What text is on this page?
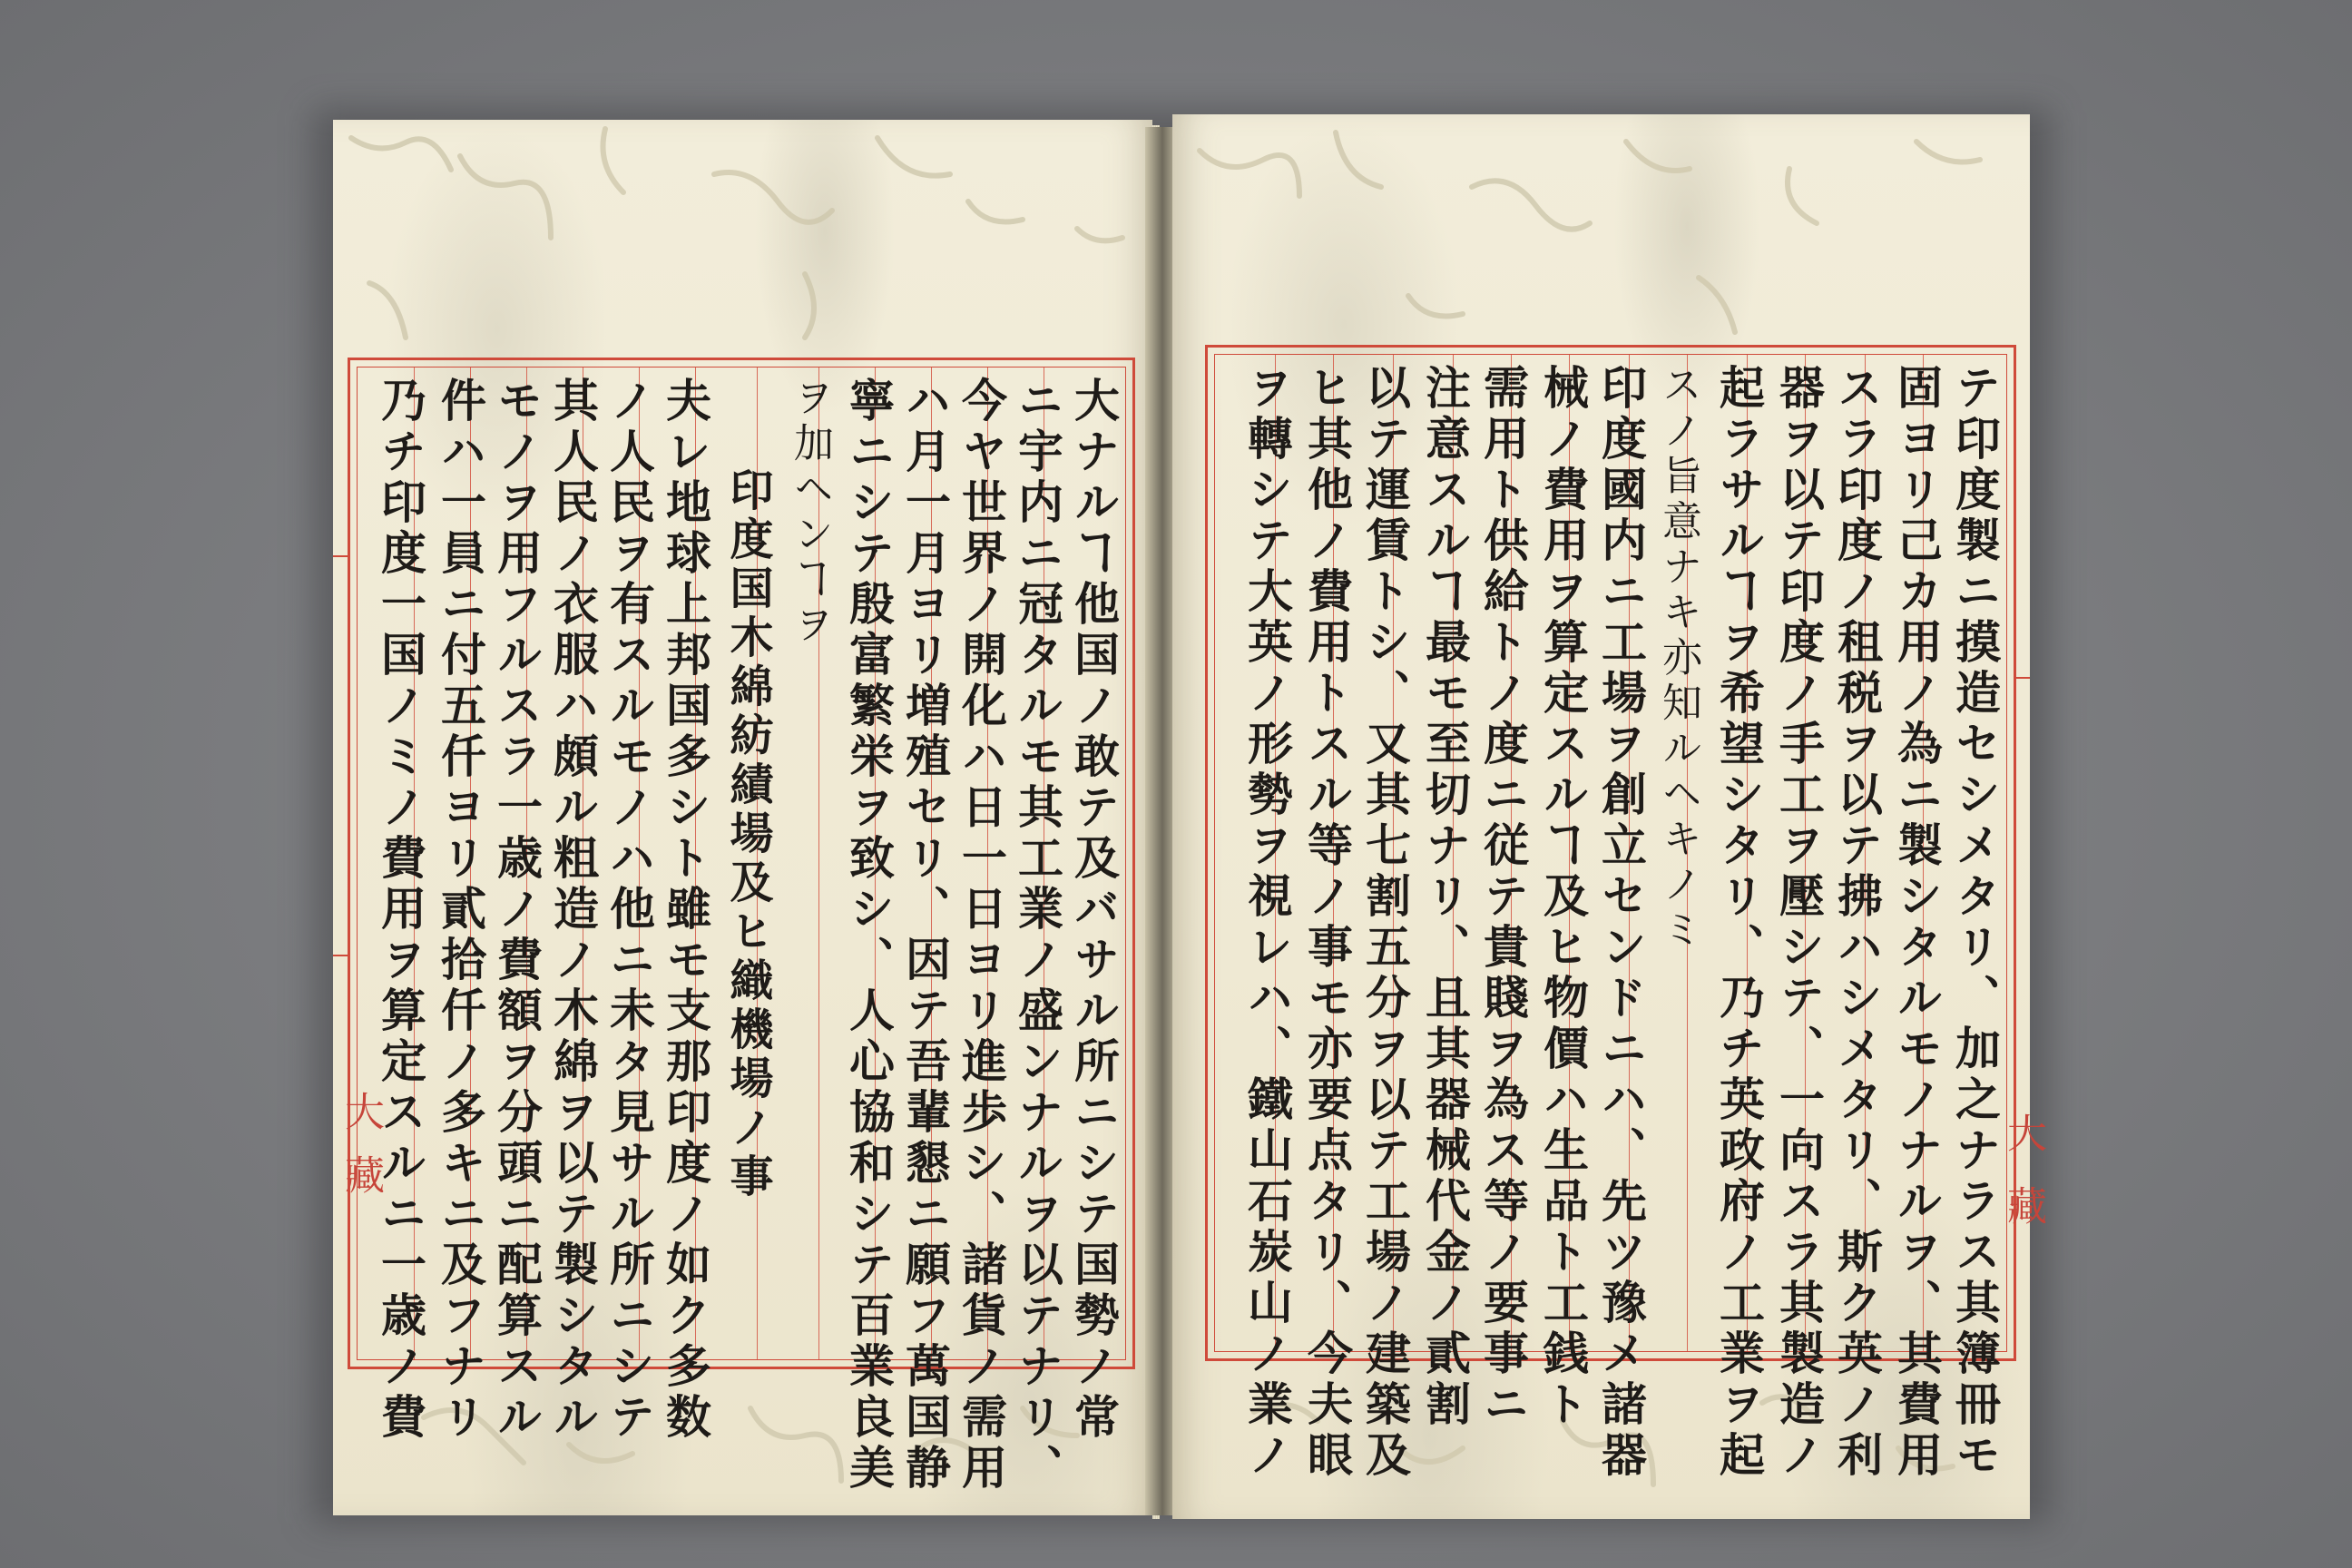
大ナルヿ他国ノ敢テ及バサル所ニシテ国勢ノ常
ニ宇内ニ冠タルモ其工業ノ盛ンナルヲ以テナリ、
今ヤ世界ノ開化ハ日一日ヨリ進歩シ、諸貨ノ需用
ハ月一月ヨリ増殖セリ、因テ吾輩懇ニ願フ萬国静
寧ニシテ殷富繁栄ヲ致シ、人心協和シテ百業良美
ヲ加ヘンヿヲ
印度国木綿紡績場及ヒ織機場ノ事
夫レ地球上邦国多シト雖モ支那印度ノ如ク多数
ノ人民ヲ有スルモノハ他ニ未タ見サル所ニシテ
其人民ノ衣服ハ頗ル粗造ノ木綿ヲ以テ製シタル
モノヲ用フルスラ一歳ノ費額ヲ分頭ニ配算スル
件ハ一員ニ付五仟ヨリ貳拾仟ノ多キニ及フナリ
乃チ印度一国ノミノ費用ヲ算定スルニ一歳ノ費
大
藏	テ印度製ニ摸造セシメタリ、加之ナラス其簿冊モ
固ヨリ己カ用ノ為ニ製シタルモノナルヲ、其費用
スラ印度ノ租税ヲ以テ拂ハシメタリ、斯ク英ノ利
器ヲ以テ印度ノ手工ヲ壓シテ、一向スラ其製造ノ
起ラサルヿヲ希望シタリ、乃チ英政府ノ工業ヲ起
スノ旨意ナキ亦知ルヘキノミ
印度國内ニ工場ヲ創立センドニハ、先ツ豫メ諸器
械ノ費用ヲ算定スルヿ及ヒ物價ハ生品ト工銭ト
需用ト供給トノ度ニ従テ貴賤ヲ為ス等ノ要事ニ
注意スルヿ最モ至切ナリ、且其器械代金ノ貳割
以テ運賃トシ、又其七割五分ヲ以テ工場ノ建築及
ヒ其他ノ費用トスル等ノ事モ亦要点タリ、今夫眼
ヲ轉シテ大英ノ形勢ヲ視レハ、鐵山石炭山ノ業ノ	大
藏
